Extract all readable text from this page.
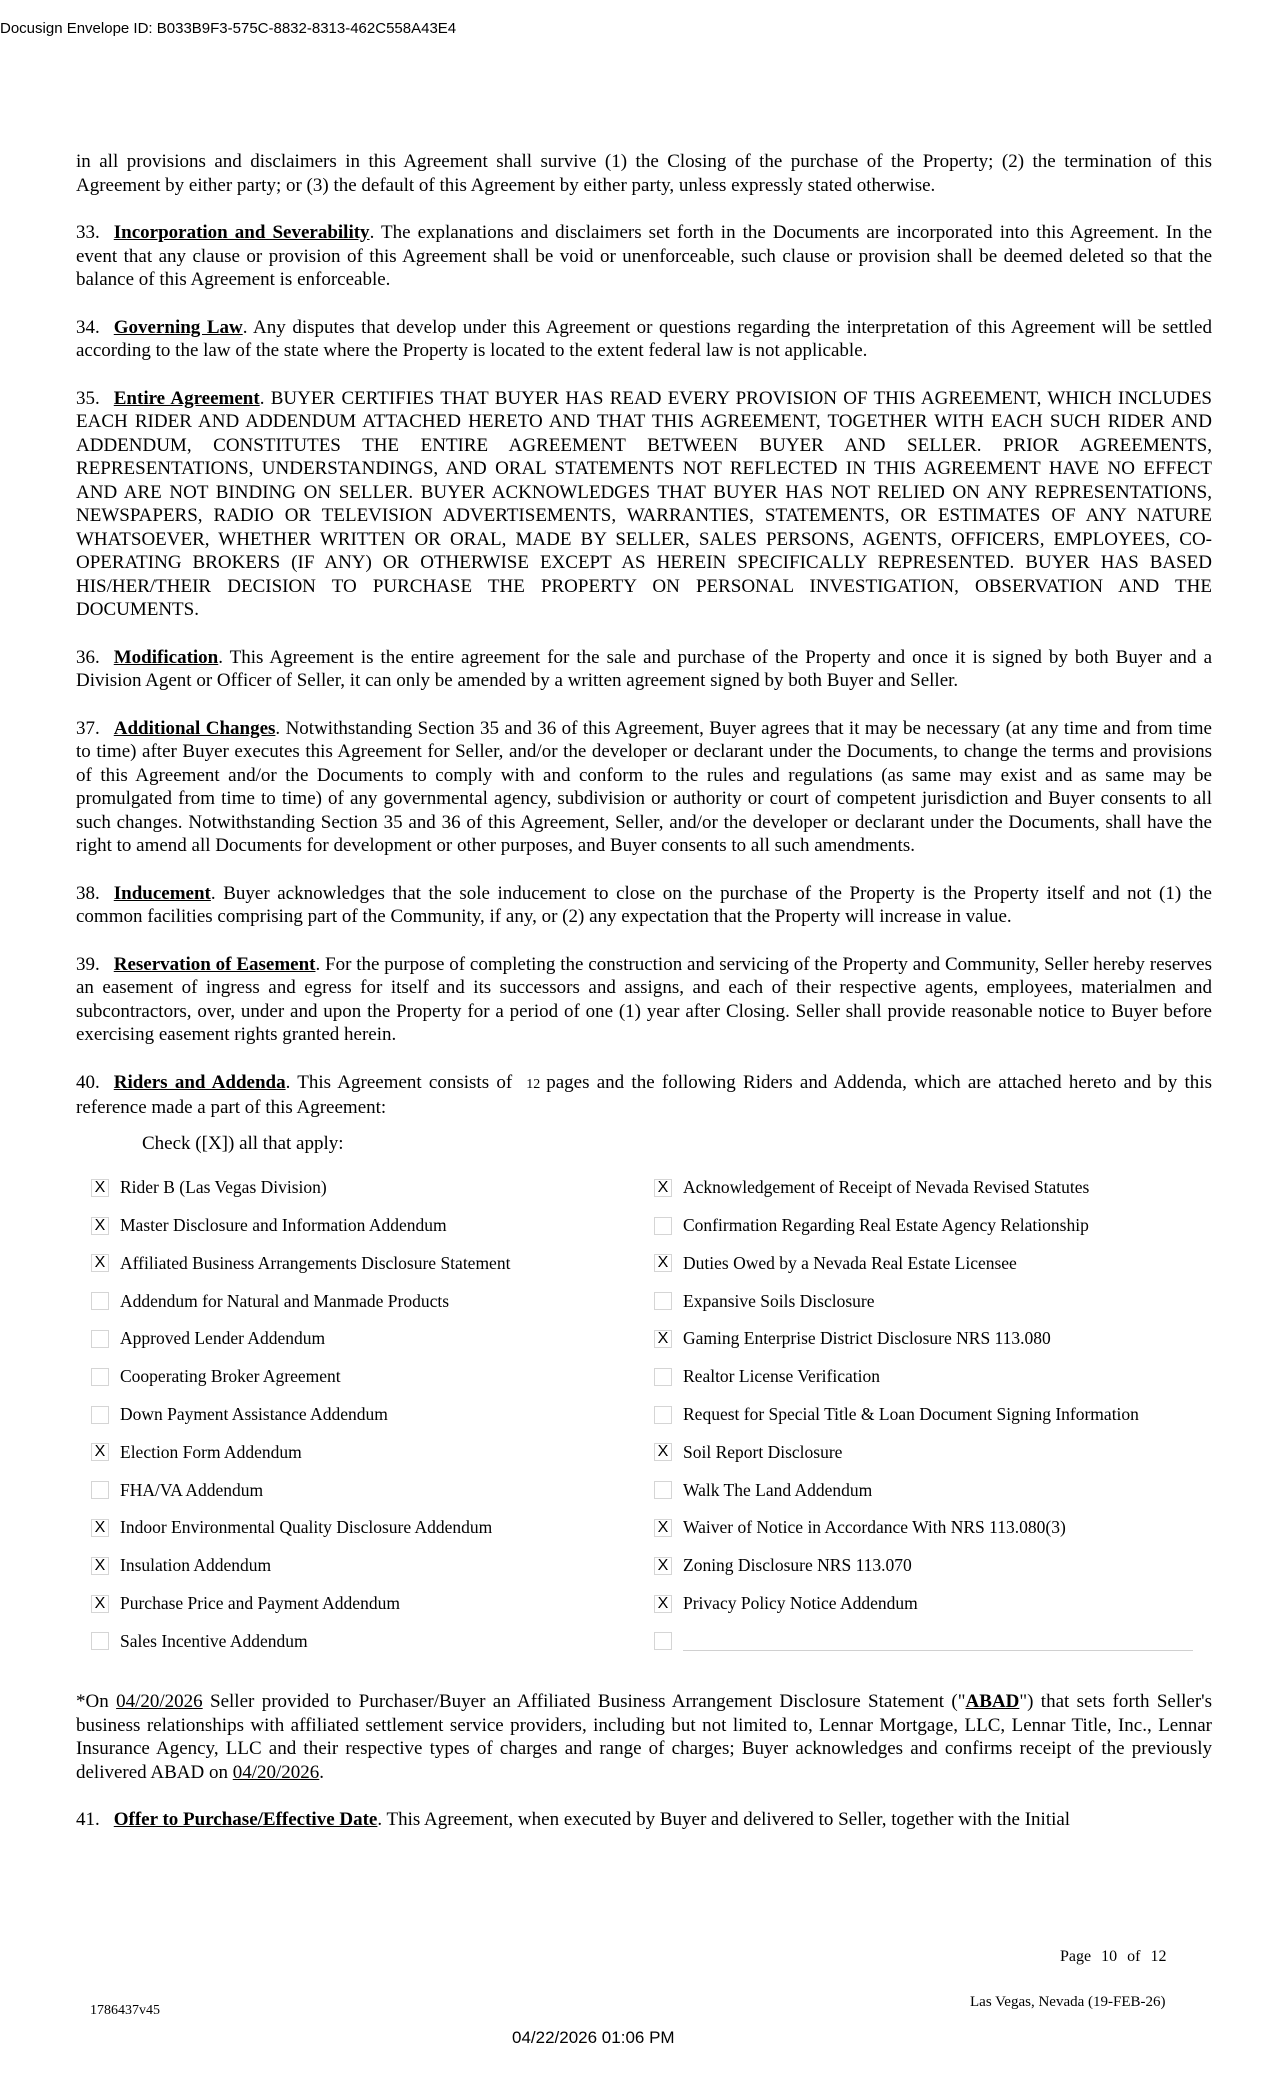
Docusign Envelope ID: B033B9F3-575C-8832-8313-462C558A43E4

in all provisions and disclaimers in this Agreement shall survive (1) the Closing of the purchase of the Property; (2) the termination of this Agreement by either party; or (3) the default of this Agreement by either party, unless expressly stated otherwise.

33. Incorporation and Severability. The explanations and disclaimers set forth in the Documents are incorporated into this Agreement. In the event that any clause or provision of this Agreement shall be void or unenforceable, such clause or provision shall be deemed deleted so that the balance of this Agreement is enforceable.

34. Governing Law. Any disputes that develop under this Agreement or questions regarding the interpretation of this Agreement will be settled according to the law of the state where the Property is located to the extent federal law is not applicable.

35. Entire Agreement. BUYER CERTIFIES THAT BUYER HAS READ EVERY PROVISION OF THIS AGREEMENT, WHICH INCLUDES EACH RIDER AND ADDENDUM ATTACHED HERETO AND THAT THIS AGREEMENT, TOGETHER WITH EACH SUCH RIDER AND ADDENDUM, CONSTITUTES THE ENTIRE AGREEMENT BETWEEN BUYER AND SELLER. PRIOR AGREEMENTS, REPRESENTATIONS, UNDERSTANDINGS, AND ORAL STATEMENTS NOT REFLECTED IN THIS AGREEMENT HAVE NO EFFECT AND ARE NOT BINDING ON SELLER. BUYER ACKNOWLEDGES THAT BUYER HAS NOT RELIED ON ANY REPRESENTATIONS, NEWSPAPERS, RADIO OR TELEVISION ADVERTISEMENTS, WARRANTIES, STATEMENTS, OR ESTIMATES OF ANY NATURE WHATSOEVER, WHETHER WRITTEN OR ORAL, MADE BY SELLER, SALES PERSONS, AGENTS, OFFICERS, EMPLOYEES, CO-OPERATING BROKERS (IF ANY) OR OTHERWISE EXCEPT AS HEREIN SPECIFICALLY REPRESENTED. BUYER HAS BASED HIS/HER/THEIR DECISION TO PURCHASE THE PROPERTY ON PERSONAL INVESTIGATION, OBSERVATION AND THE DOCUMENTS.

36. Modification. This Agreement is the entire agreement for the sale and purchase of the Property and once it is signed by both Buyer and a Division Agent or Officer of Seller, it can only be amended by a written agreement signed by both Buyer and Seller.

37. Additional Changes. Notwithstanding Section 35 and 36 of this Agreement, Buyer agrees that it may be necessary (at any time and from time to time) after Buyer executes this Agreement for Seller, and/or the developer or declarant under the Documents, to change the terms and provisions of this Agreement and/or the Documents to comply with and conform to the rules and regulations (as same may exist and as same may be promulgated from time to time) of any governmental agency, subdivision or authority or court of competent jurisdiction and Buyer consents to all such changes. Notwithstanding Section 35 and 36 of this Agreement, Seller, and/or the developer or declarant under the Documents, shall have the right to amend all Documents for development or other purposes, and Buyer consents to all such amendments.

38. Inducement. Buyer acknowledges that the sole inducement to close on the purchase of the Property is the Property itself and not (1) the common facilities comprising part of the Community, if any, or (2) any expectation that the Property will increase in value.

39. Reservation of Easement. For the purpose of completing the construction and servicing of the Property and Community, Seller hereby reserves an easement of ingress and egress for itself and its successors and assigns, and each of their respective agents, employees, materialmen and subcontractors, over, under and upon the Property for a period of one (1) year after Closing. Seller shall provide reasonable notice to Buyer before exercising easement rights granted herein.

40. Riders and Addenda. This Agreement consists of 12 pages and the following Riders and Addenda, which are attached hereto and by this reference made a part of this Agreement:

Check ([X]) all that apply:
X Rider B (Las Vegas Division)
X Master Disclosure and Information Addendum
X Affiliated Business Arrangements Disclosure Statement
Addendum for Natural and Manmade Products
Approved Lender Addendum
Cooperating Broker Agreement
Down Payment Assistance Addendum
X Election Form Addendum
FHA/VA Addendum
X Indoor Environmental Quality Disclosure Addendum
X Insulation Addendum
X Purchase Price and Payment Addendum
Sales Incentive Addendum
X Acknowledgement of Receipt of Nevada Revised Statutes
Confirmation Regarding Real Estate Agency Relationship
X Duties Owed by a Nevada Real Estate Licensee
Expansive Soils Disclosure
X Gaming Enterprise District Disclosure NRS 113.080
Realtor License Verification
Request for Special Title & Loan Document Signing Information
X Soil Report Disclosure
Walk The Land Addendum
X Waiver of Notice in Accordance With NRS 113.080(3)
X Zoning Disclosure NRS 113.070
X Privacy Policy Notice Addendum

*On 04/20/2026 Seller provided to Purchaser/Buyer an Affiliated Business Arrangement Disclosure Statement ("ABAD") that sets forth Seller's business relationships with affiliated settlement service providers, including but not limited to, Lennar Mortgage, LLC, Lennar Title, Inc., Lennar Insurance Agency, LLC and their respective types of charges and range of charges; Buyer acknowledges and confirms receipt of the previously delivered ABAD on 04/20/2026.

41. Offer to Purchase/Effective Date. This Agreement, when executed by Buyer and delivered to Seller, together with the Initial

Page 10 of 12
1786437v45
Las Vegas, Nevada (19-FEB-26)
04/22/2026 01:06 PM
